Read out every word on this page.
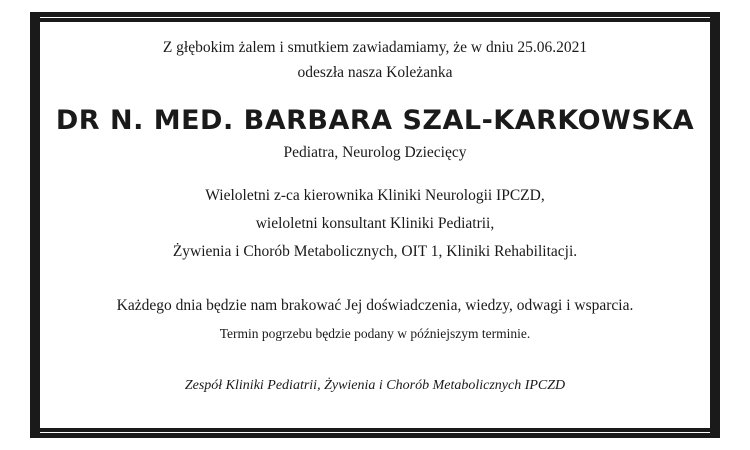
Z głębokim żalem i smutkiem zawiadamiamy, że w dniu 25.06.2021
odeszła nasza Koleżanka
DR N. MED. BARBARA SZAL-KARKOWSKA
Pediatra, Neurolog Dziecięcy
Wieloletni z-ca kierownika Kliniki Neurologii IPCZD,
wieloletni konsultant Kliniki Pediatrii,
Żywienia i Chorób Metabolicznych, OIT 1, Kliniki Rehabilitacji.
Każdego dnia będzie nam brakować Jej doświadczenia, wiedzy, odwagi i wsparcia.
Termin pogrzebu będzie podany w późniejszym terminie.
Zespół Kliniki Pediatrii, Żywienia i Chorób Metabolicznych IPCZD
